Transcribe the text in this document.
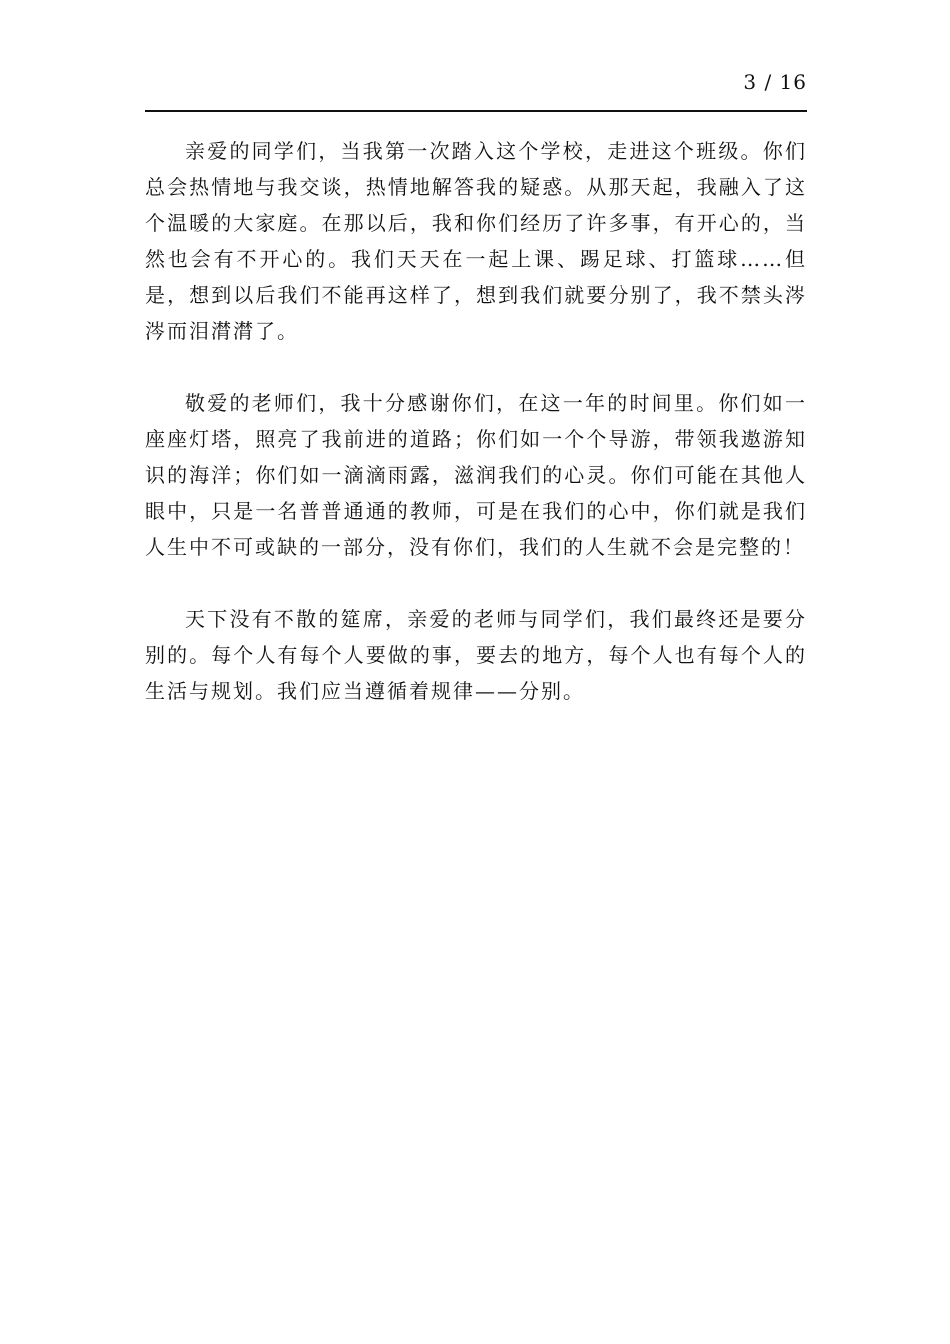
3 / 16

亲爱的同学们，当我第一次踏入这个学校，走进这个班级。你们总会热情地与我交谈，热情地解答我的疑惑。从那天起，我融入了这个温暖的大家庭。在那以后，我和你们经历了许多事，有开心的，当然也会有不开心的。我们天天在一起上课、踢足球、打篮球……但是，想到以后我们不能再这样了，想到我们就要分别了，我不禁头涔涔而泪潸潸了。

敬爱的老师们，我十分感谢你们，在这一年的时间里。你们如一座座灯塔，照亮了我前进的道路；你们如一个个导游，带领我遨游知识的海洋；你们如一滴滴雨露，滋润我们的心灵。你们可能在其他人眼中，只是一名普普通通的教师，可是在我们的心中，你们就是我们人生中不可或缺的一部分，没有你们，我们的人生就不会是完整的！

天下没有不散的筵席，亲爱的老师与同学们，我们最终还是要分别的。每个人有每个人要做的事，要去的地方，每个人也有每个人的生活与规划。我们应当遵循着规律——分别。
